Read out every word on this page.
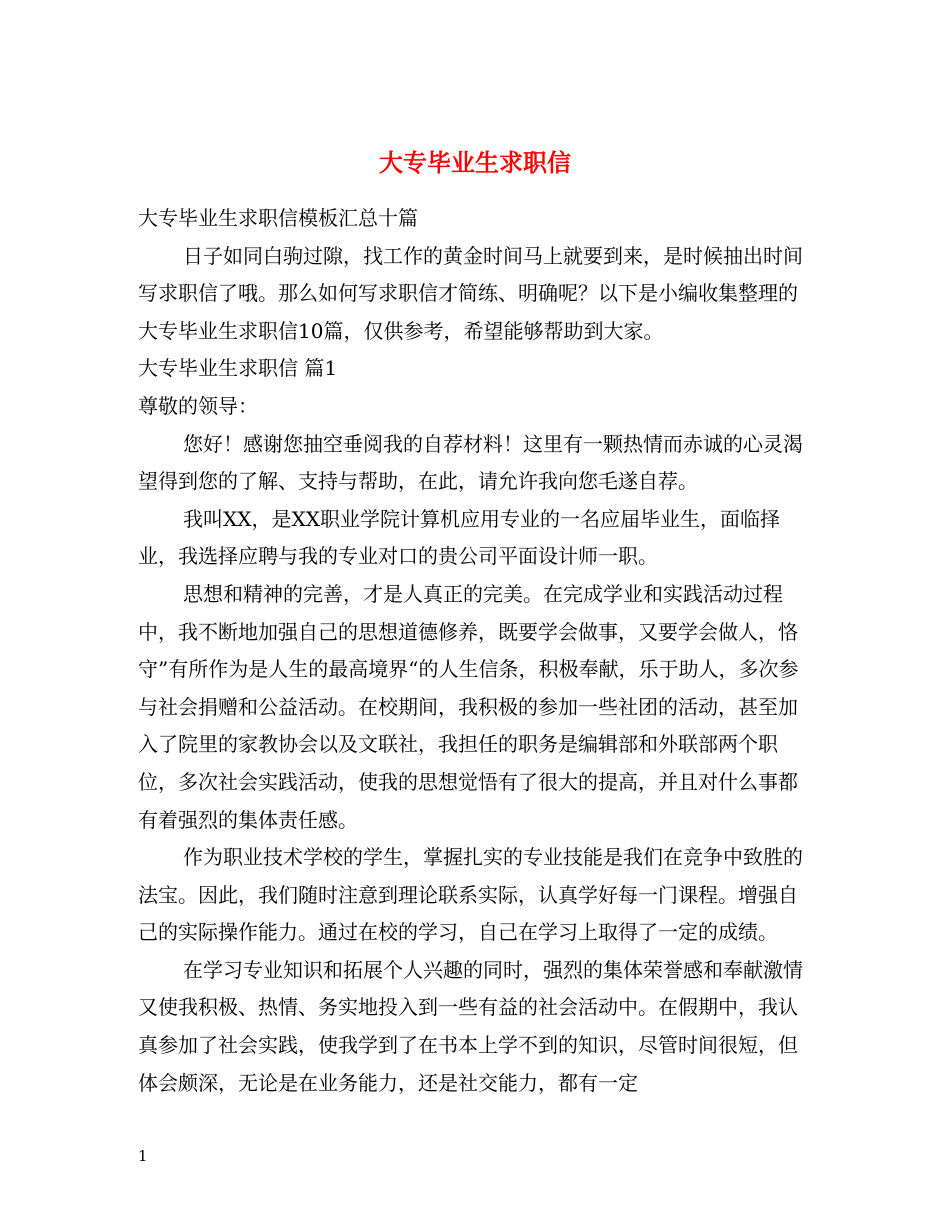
大专毕业生求职信

大专毕业生求职信模板汇总十篇

日子如同白驹过隙，找工作的黄金时间马上就要到来，是时候抽出时间写求职信了哦。那么如何写求职信才简练、明确呢？以下是小编收集整理的大专毕业生求职信10篇，仅供参考，希望能够帮助到大家。

大专毕业生求职信 篇1

尊敬的领导：

您好！感谢您抽空垂阅我的自荐材料！这里有一颗热情而赤诚的心灵渴望得到您的了解、支持与帮助，在此，请允许我向您毛遂自荐。

我叫XX，是XX职业学院计算机应用专业的一名应届毕业生，面临择业，我选择应聘与我的专业对口的贵公司平面设计师一职。

思想和精神的完善，才是人真正的完美。在完成学业和实践活动过程中，我不断地加强自己的思想道德修养，既要学会做事，又要学会做人，恪守”有所作为是人生的最高境界“的人生信条，积极奉献，乐于助人，多次参与社会捐赠和公益活动。在校期间，我积极的参加一些社团的活动，甚至加入了院里的家教协会以及文联社，我担任的职务是编辑部和外联部两个职位，多次社会实践活动，使我的思想觉悟有了很大的提高，并且对什么事都有着强烈的集体责任感。

作为职业技术学校的学生，掌握扎实的专业技能是我们在竞争中致胜的法宝。因此，我们随时注意到理论联系实际，认真学好每一门课程。增强自己的实际操作能力。通过在校的学习，自己在学习上取得了一定的成绩。

在学习专业知识和拓展个人兴趣的同时，强烈的集体荣誉感和奉献激情又使我积极、热情、务实地投入到一些有益的社会活动中。在假期中，我认真参加了社会实践，使我学到了在书本上学不到的知识，尽管时间很短，但体会颇深，无论是在业务能力，还是社交能力，都有一定

1
